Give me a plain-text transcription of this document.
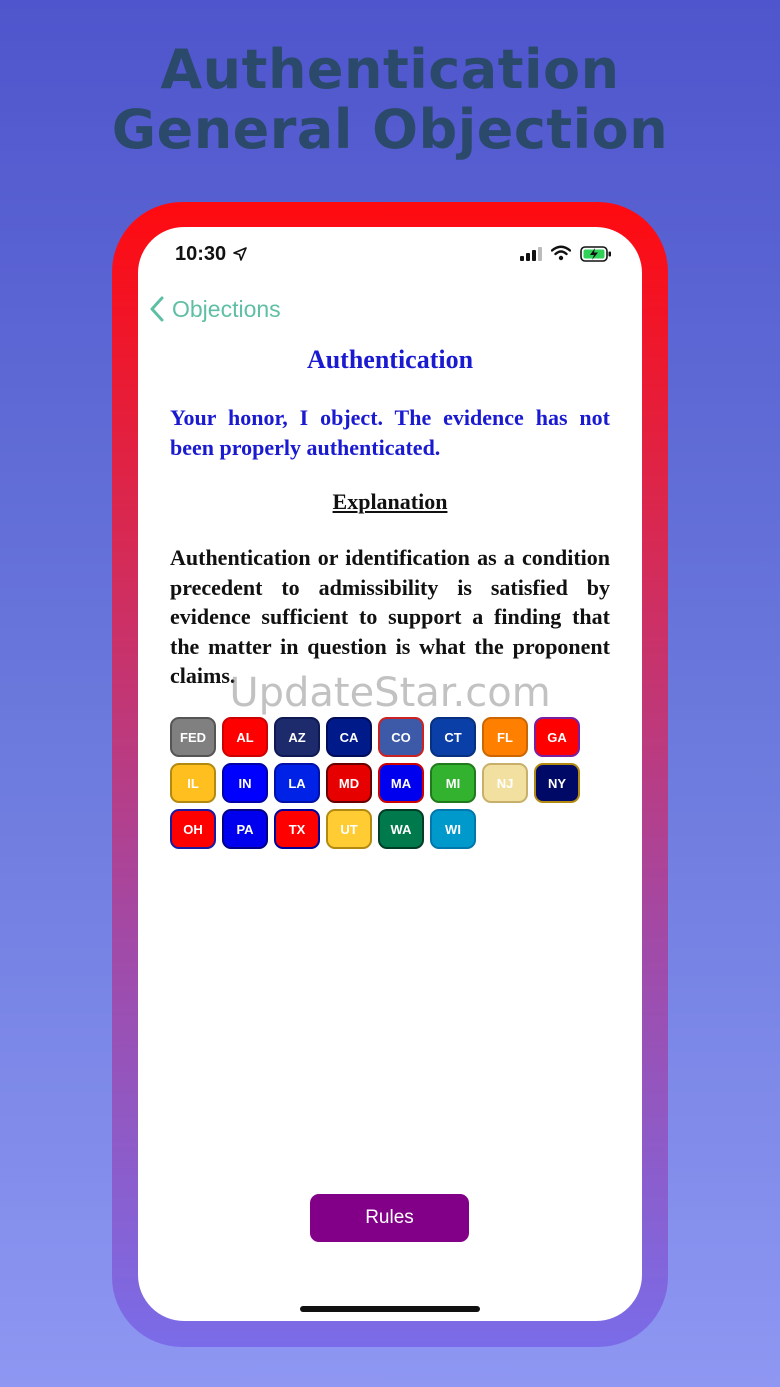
Authentication
General Objection
10:30
Objections
Authentication
Your honor, I object. The evidence has not been properly authenticated.
Explanation
Authentication or identification as a condition precedent to admissibility is satisfied by evidence sufficient to support a finding that the matter in question is what the proponent claims.
FED	AL	AZ	CA	CO	CT	FL	GA
IL	IN	LA	MD	MA	MI	NJ	NY
OH	PA	TX	UT	WA	WI
Rules
UpdateStar.com
